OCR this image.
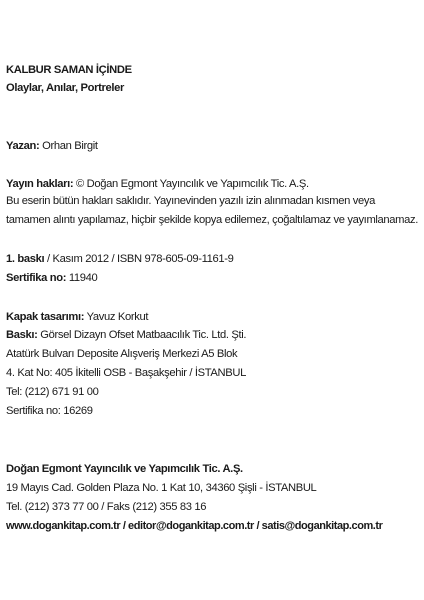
KALBUR SAMAN İÇİNDE
Olaylar, Anılar, Portreler
Yazan: Orhan Birgit
Yayın hakları: © Doğan Egmont Yayıncılık ve Yapımcılık Tic. A.Ş.
Bu eserin bütün hakları saklıdır. Yayınevinden yazılı izin alınmadan kısmen veya
tamamen alıntı yapılamaz, hiçbir şekilde kopya edilemez, çoğaltılamaz ve yayımlanamaz.
1. baskı / Kasım 2012 / ISBN 978-605-09-1161-9
Sertifika no: 11940
Kapak tasarımı: Yavuz Korkut
Baskı: Görsel Dizayn Ofset Matbaacılık Tic. Ltd. Şti.
Atatürk Bulvarı Deposite Alışveriş Merkezi A5 Blok
4. Kat No: 405 İkitelli OSB - Başakşehir / İSTANBUL
Tel: (212) 671 91 00
Sertifika no: 16269
Doğan Egmont Yayıncılık ve Yapımcılık Tic. A.Ş.
19 Mayıs Cad. Golden Plaza No. 1 Kat 10, 34360 Şişli - İSTANBUL
Tel. (212) 373 77 00 / Faks (212) 355 83 16
www.dogankitap.com.tr / editor@dogankitap.com.tr / satis@dogankitap.com.tr
